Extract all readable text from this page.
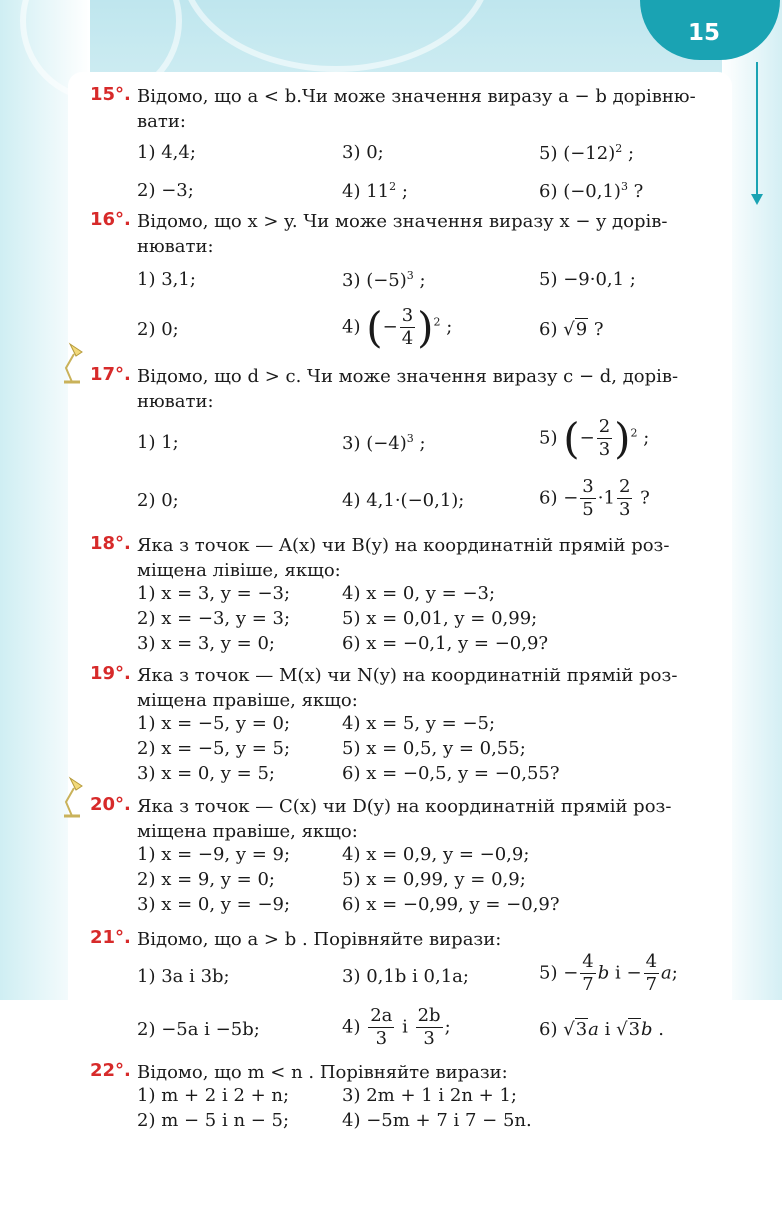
15
15°. Відомо, що a < b.Чи може значення виразу a − b дорівню-
вати:
1) 4,4;	3) 0;	5) $(-12)^2$ ;
2) −3;	4) $11^2$ ;	6) $(-0,1)^3$ ?
16°. Відомо, що x > y. Чи може значення виразу x − y дорів-
нювати:
1) 3,1;	3) $(-5)^3$ ;	5) −9·0,1 ;
2) 0;	4) (− $\frac{3}{4} )^2$ ;	6) √9 ?
17°. Відомо, що d > c. Чи може значення виразу c − d, дорів-
нювати:
1) 1;	3) $(-4)^3$ ;	5) (− $\frac{2}{3} )^2$ ;
2) 0;	4) 4,1·(−0,1);	$6) - \frac{3}{5} \cdot 1 \frac{2}{3}$ ?
18°. Яка з точок — A(x) чи B(y) на координатній прямій роз-
міщена лівіше, якщо:
1) x = 3, y = −3;	4) x = 0, y = −3;
2) x = −3, y = 3;	5) x = 0,01, y = 0,99;
3) x = 3, y = 0;	6) x = −0,1, y = −0,9?
19°. Яка з точок — M(x) чи N(y) на координатній прямій роз-
міщена правіше, якщо:
1) x = −5, y = 0;	4) x = 5, y = −5;
2) x = −5, y = 5;	5) x = 0,5, y = 0,55;
3) x = 0, y = 5;	6) x = −0,5, y = −0,55?
20°. Яка з точок — C(x) чи D(y) на координатній прямій роз-
міщена правіше, якщо:
1) x = −9, y = 9;	4) x = 0,9, y = −0,9;
2) x = 9, y = 0;	5) x = 0,99, y = 0,9;
3) x = 0, y = −9;	6) x = −0,99, y = −0,9?
21°. Відомо, що a > b . Порівняйте вирази:
1) 3a і 3b;	3) 0,1b і 0,1a;	$5) - \frac{4}{7}$ b $і - \frac{4}{7} a$;
2) −5a і −5b;	$4) \frac{2a}{3}$ і $\frac{2b}{3}$ ;	6) √3a і √3b .
22°. Відомо, що m < n . Порівняйте вирази:
1) m + 2 і 2 + n;	3) 2m + 1 і 2n + 1;
2) m − 5 і n − 5;	4) −5m + 7 і 7 − 5n.
